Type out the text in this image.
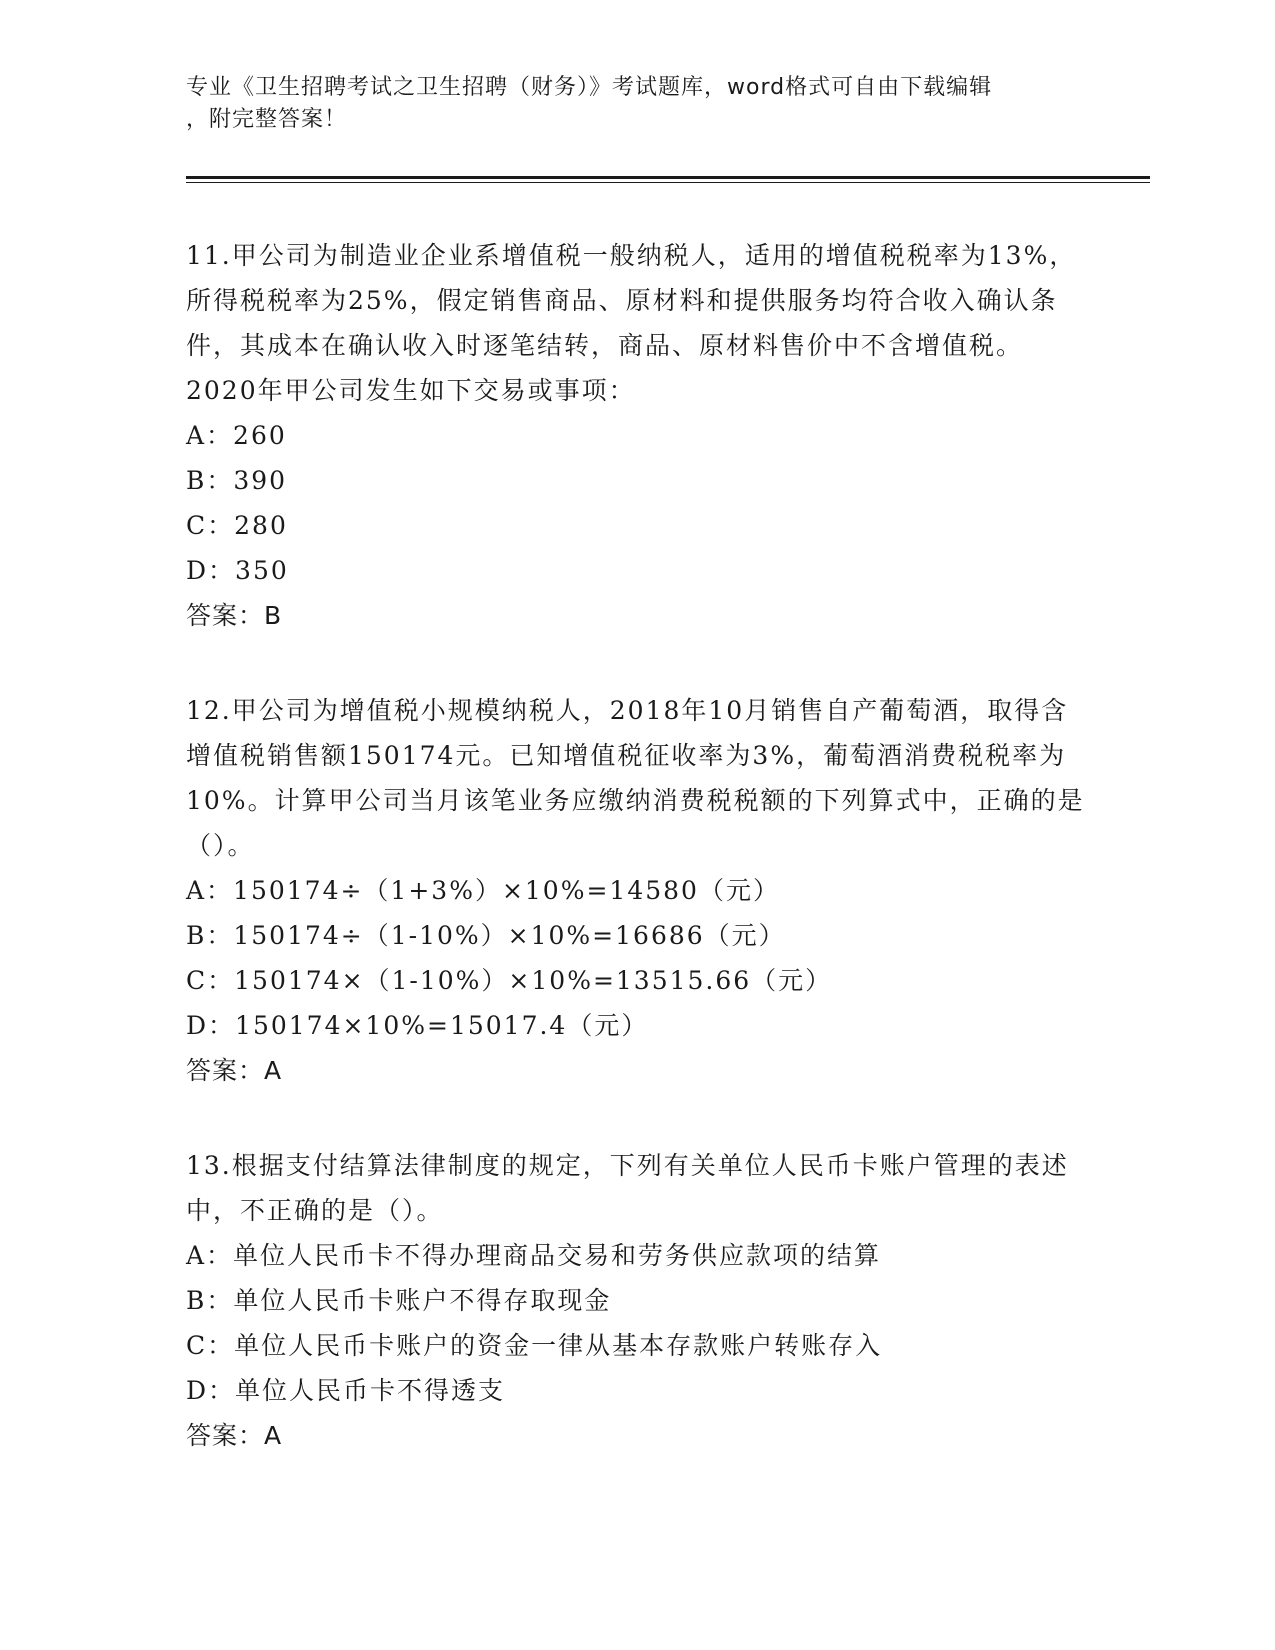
专业《卫生招聘考试之卫生招聘（财务）》考试题库，word格式可自由下载编辑
，附完整答案！

11.甲公司为制造业企业系增值税一般纳税人，适用的增值税税率为13%，所得税税率为25%，假定销售商品、原材料和提供服务均符合收入确认条件，其成本在确认收入时逐笔结转，商品、原材料售价中不含增值税。2020年甲公司发生如下交易或事项：

A：260

B：390

C：280

D：350

答案：B

12.甲公司为增值税小规模纳税人，2018年10月销售自产葡萄酒，取得含增值税销售额150174元。已知增值税征收率为3%，葡萄酒消费税税率为10%。计算甲公司当月该笔业务应缴纳消费税税额的下列算式中，正确的是（）。

A：150174÷（1+3%）×10%=14580（元）

B：150174÷（1-10%）×10%=16686（元）

C：150174×（1-10%）×10%=13515.66（元）

D：150174×10%=15017.4（元）

答案：A

13.根据支付结算法律制度的规定，下列有关单位人民币卡账户管理的表述中，不正确的是（）。

A：单位人民币卡不得办理商品交易和劳务供应款项的结算

B：单位人民币卡账户不得存取现金

C：单位人民币卡账户的资金一律从基本存款账户转账存入

D：单位人民币卡不得透支

答案：A
